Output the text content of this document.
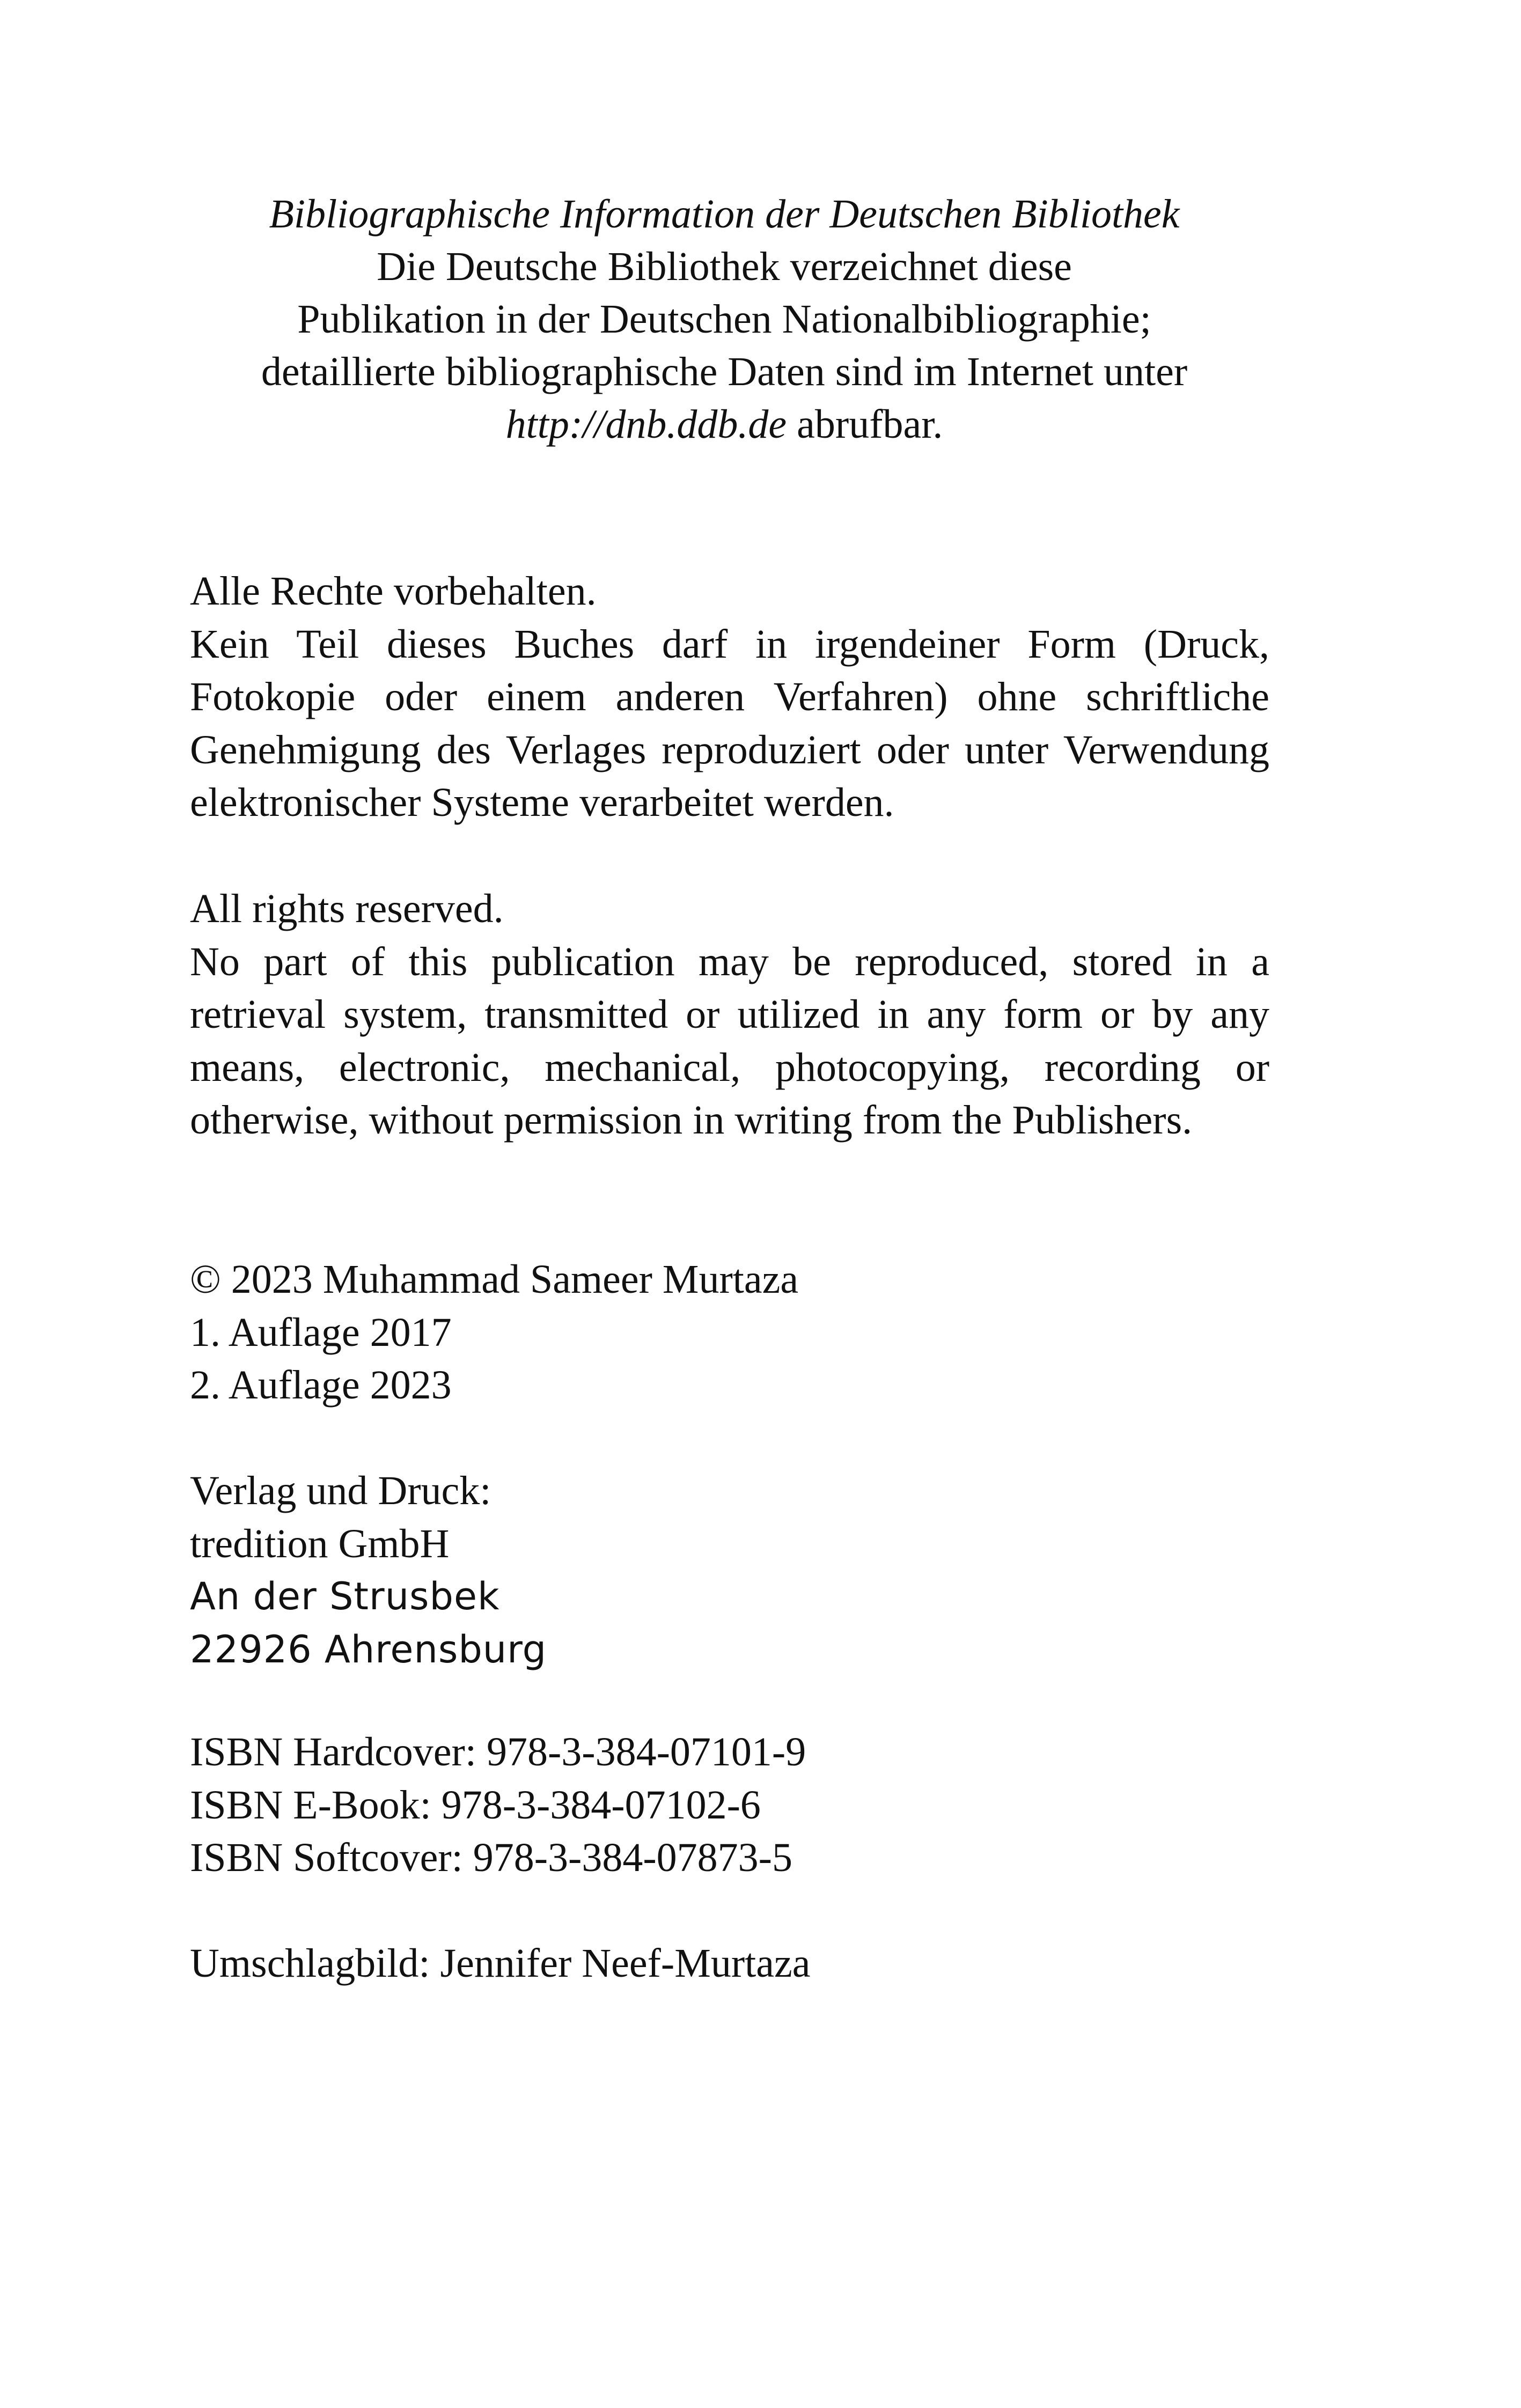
Bibliographische Information der Deutschen Bibliothek
Die Deutsche Bibliothek verzeichnet diese
Publikation in der Deutschen Nationalbibliographie;
detaillierte bibliographische Daten sind im Internet unter
http://dnb.ddb.de abrufbar.
Alle Rechte vorbehalten.
Kein Teil dieses Buches darf in irgendeiner Form (Druck, Fotokopie oder einem anderen Verfahren) ohne schriftliche Genehmigung des Verlages reproduziert oder unter Verwendung elektronischer Systeme verarbeitet werden.
All rights reserved.
No part of this publication may be reproduced, stored in a retrieval system, transmitted or utilized in any form or by any means, electronic, mechanical, photocopying, recording or otherwise, without permission in writing from the Publishers.
© 2023 Muhammad Sameer Murtaza
1. Auflage 2017
2. Auflage 2023
Verlag und Druck:
tredition GmbH
An der Strusbek
22926 Ahrensburg
ISBN Hardcover: 978-3-384-07101-9
ISBN E-Book: 978-3-384-07102-6
ISBN Softcover: 978-3-384-07873-5
Umschlagbild: Jennifer Neef-Murtaza
